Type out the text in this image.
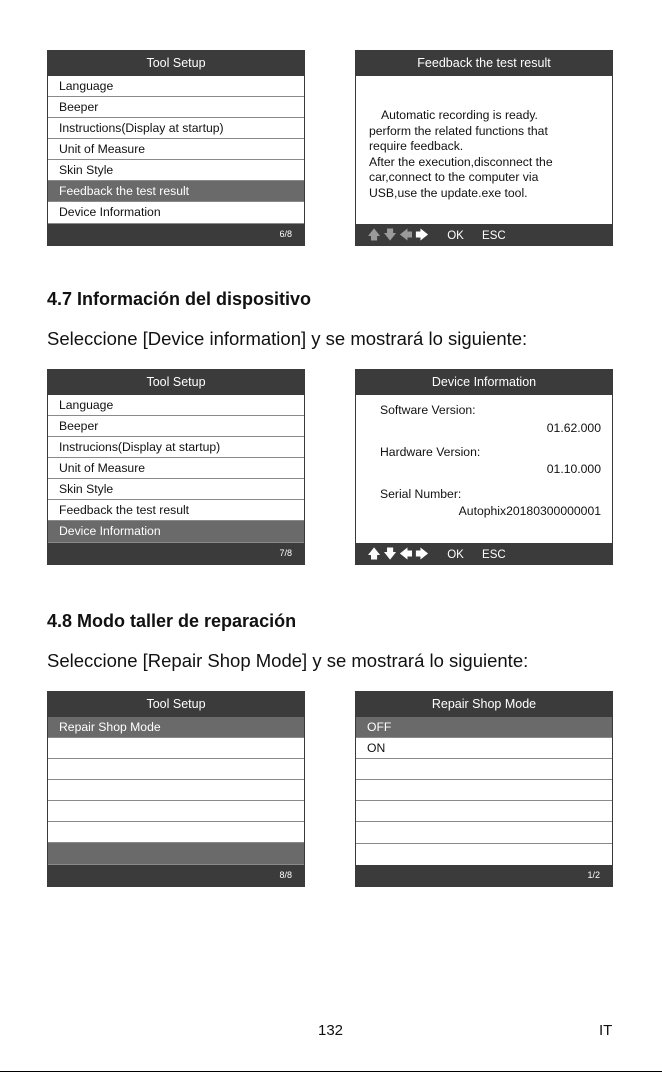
Tool Setup
Language
Beeper
Instructions(Display at startup)
Unit of Measure
Skin Style
Feedback the test result
Device Information
6/8
Feedback the test result
Automatic recording is ready.
perform the related functions that
require feedback.
After the execution,disconnect the
car,connect to the computer via
USB,use the update.exe tool.
🡅 🡇 🡄 🡆 OK ESC
4.7 Información del dispositivo
Seleccione [Device information] y se mostrará lo siguiente:
Tool Setup
Language
Beeper
Instrucions(Display at startup)
Unit of Measure
Skin Style
Feedback the test result
Device Information
7/8
Device Information
Software Version:
01.62.000
Hardware Version:
01.10.000
Serial Number:
Autophix20180300000001
🡅 🡇 🡄 🡆 OK ESC
4.8 Modo taller de reparación
Seleccione [Repair Shop Mode] y se mostrará lo siguiente:
Tool Setup
Repair Shop Mode
8/8
Repair Shop Mode
OFF
ON
1/2
132	IT
